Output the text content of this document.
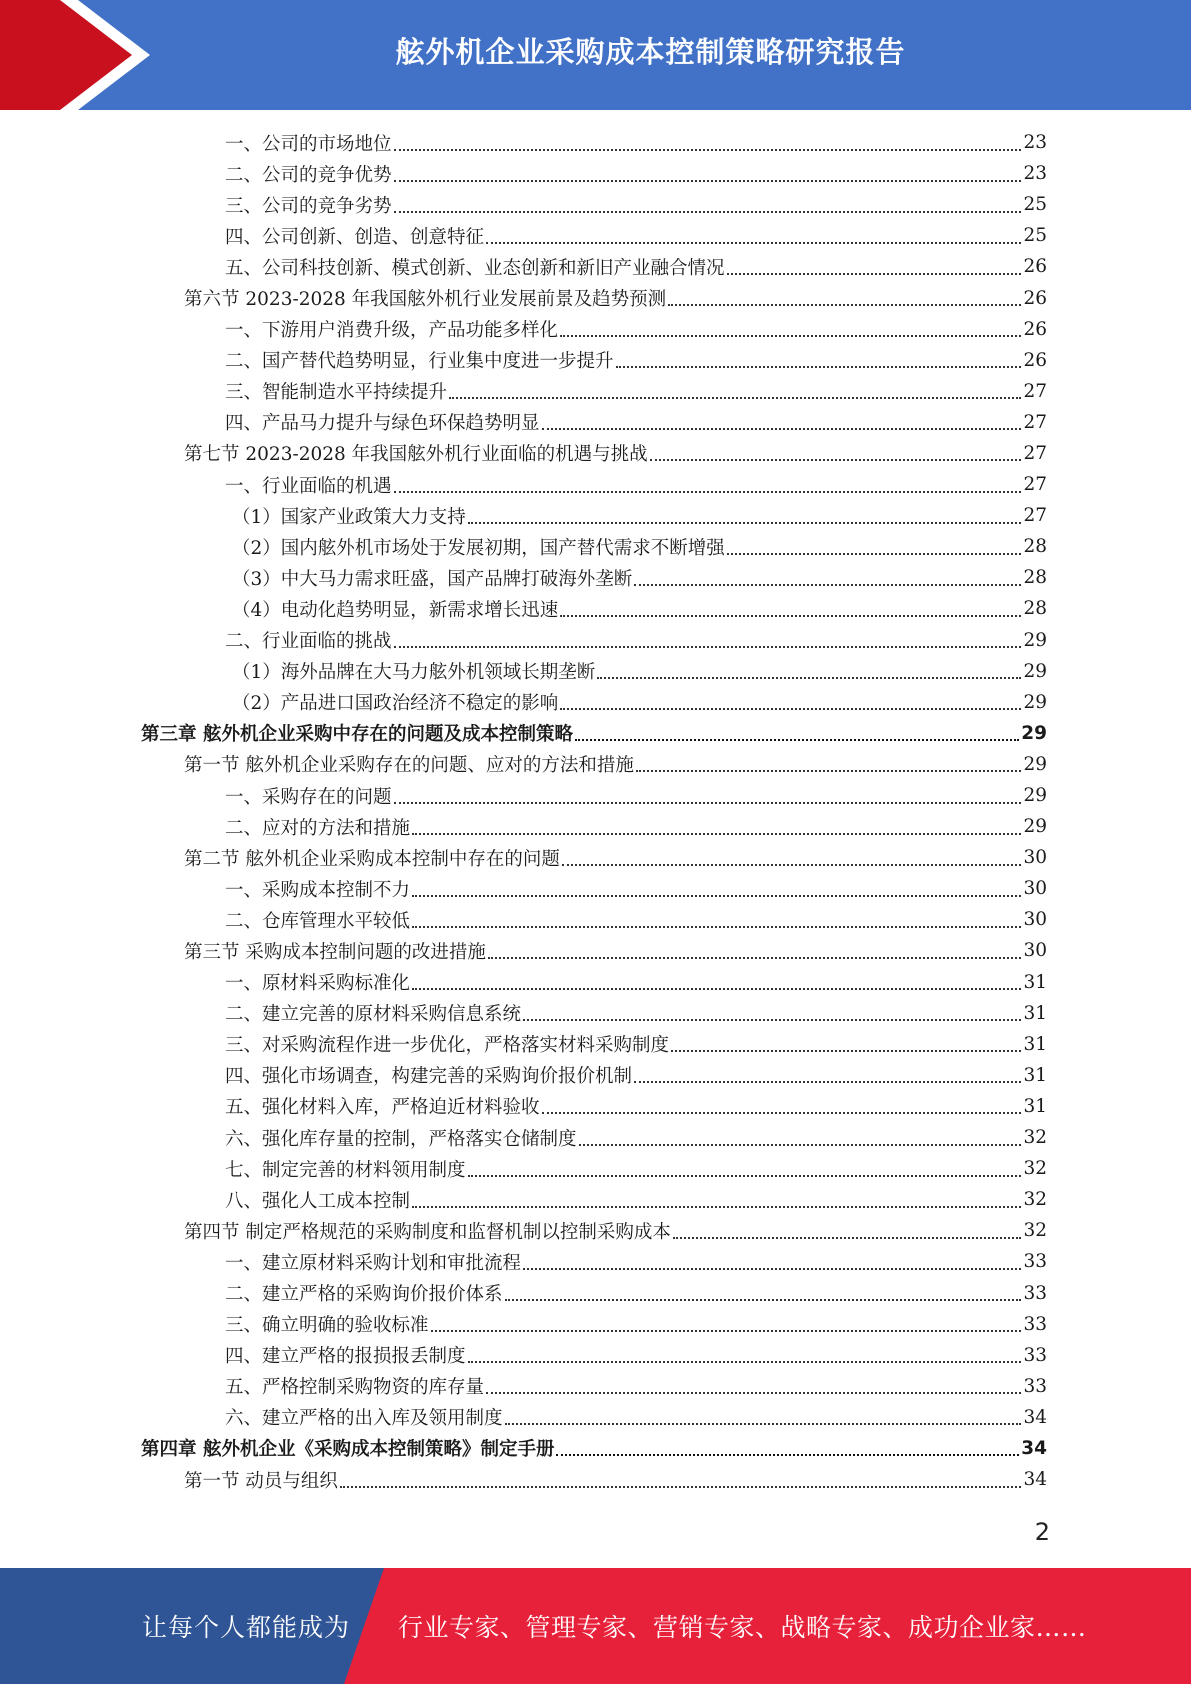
舷外机企业采购成本控制策略研究报告
一、公司的市场地位	23
二、公司的竞争优势	23
三、公司的竞争劣势	25
四、公司创新、创造、创意特征	25
五、公司科技创新、模式创新、业态创新和新旧产业融合情况	26
第六节 2023-2028 年我国舷外机行业发展前景及趋势预测	26
一、下游用户消费升级，产品功能多样化	26
二、国产替代趋势明显，行业集中度进一步提升	26
三、智能制造水平持续提升	27
四、产品马力提升与绿色环保趋势明显	27
第七节 2023-2028 年我国舷外机行业面临的机遇与挑战	27
一、行业面临的机遇	27
（1）国家产业政策大力支持	27
（2）国内舷外机市场处于发展初期，国产替代需求不断增强	28
（3）中大马力需求旺盛，国产品牌打破海外垄断	28
（4）电动化趋势明显，新需求增长迅速	28
二、行业面临的挑战	29
（1）海外品牌在大马力舷外机领域长期垄断	29
（2）产品进口国政治经济不稳定的影响	29
第三章 舷外机企业采购中存在的问题及成本控制策略	29
第一节 舷外机企业采购存在的问题、应对的方法和措施	29
一、采购存在的问题	29
二、应对的方法和措施	29
第二节 舷外机企业采购成本控制中存在的问题	30
一、采购成本控制不力	30
二、仓库管理水平较低	30
第三节 采购成本控制问题的改进措施	30
一、原材料采购标准化	31
二、建立完善的原材料采购信息系统	31
三、对采购流程作进一步优化，严格落实材料采购制度	31
四、强化市场调查，构建完善的采购询价报价机制	31
五、强化材料入库，严格迫近材料验收	31
六、强化库存量的控制，严格落实仓储制度	32
七、制定完善的材料领用制度	32
八、强化人工成本控制	32
第四节 制定严格规范的采购制度和监督机制以控制采购成本	32
一、建立原材料采购计划和审批流程	33
二、建立严格的采购询价报价体系	33
三、确立明确的验收标准	33
四、建立严格的报损报丢制度	33
五、严格控制采购物资的库存量	33
六、建立严格的出入库及领用制度	34
第四章 舷外机企业《采购成本控制策略》制定手册	34
第一节 动员与组织	34
2
让每个人都能成为 行业专家、管理专家、营销专家、战略专家、成功企业家……
